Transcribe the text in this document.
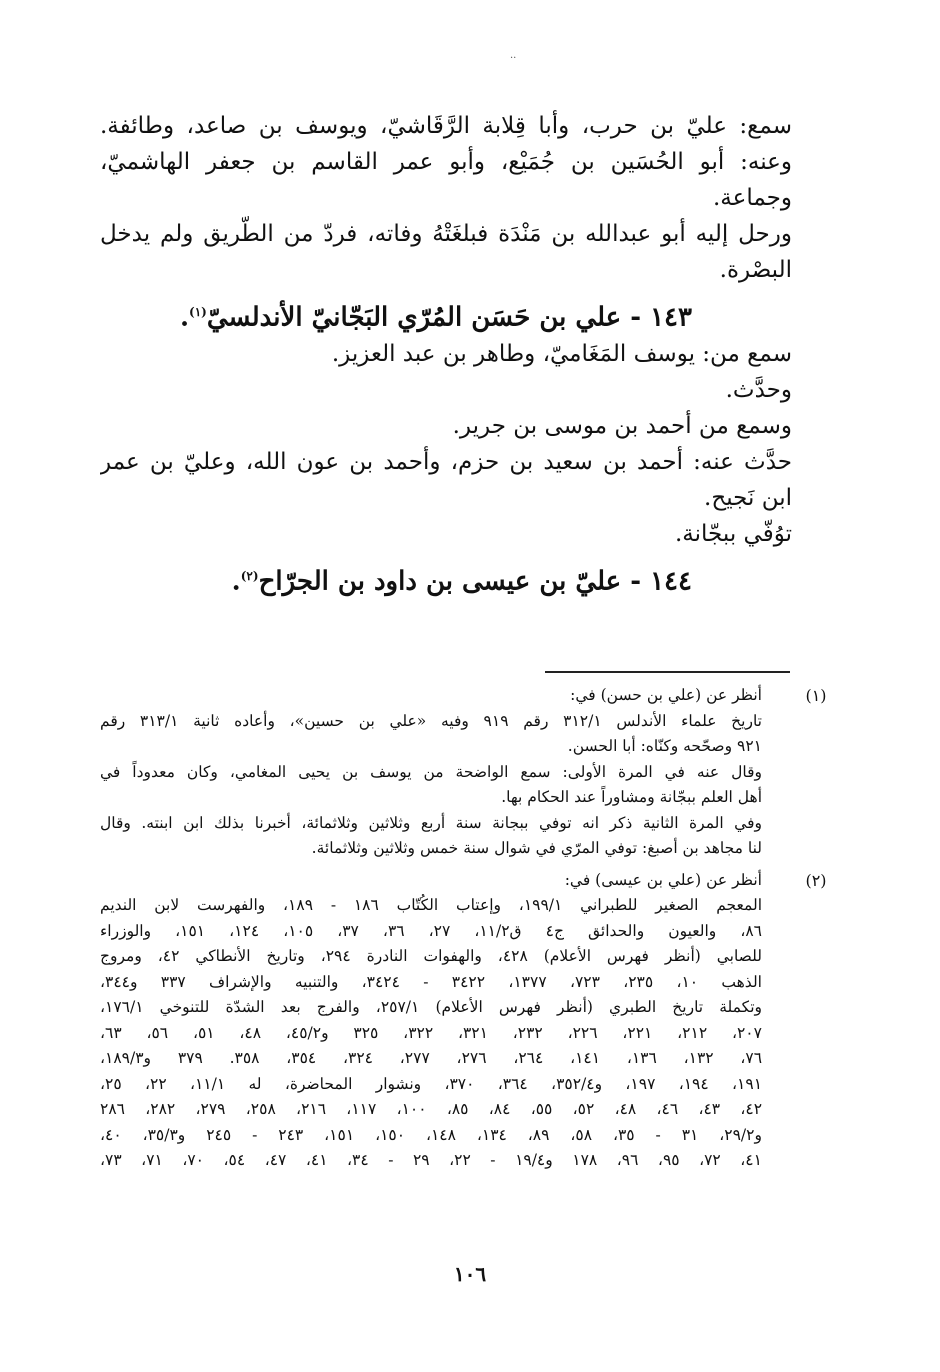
..
سمع: عليّ بن حرب، وأبا قِلابة الرَّقَاشيّ، ويوسف بن صاعد، وطائفة.
وعنه: أبو الحُسَين بن جُمَيْع، وأبو عمر القاسم بن جعفر الهاشميّ،
وجماعة.
ورحل إليه أبو عبدالله بن مَنْدَة فبلغَتْهُ وفاته، فردّ من الطَّريق ولم يدخل
البصْرة.
١٤٣ - علي بن حَسَن المُرّي البَجّانيّ الأندلسيّ$^{(١)}$.
سمع من: يوسف المَغَاميّ، وطاهر بن عبد العزيز.
وحدَّث.
وسمع من أحمد بن موسى بن جرير.
حدَّث عنه: أحمد بن سعيد بن حزم، وأحمد بن عون الله، وعليّ بن عمر
ابن نَجيح.
توُفّي ببجّانة.
١٤٤ - عليّ بن عيسى بن داود بن الجرّاح$^{(٢)}$.
(١)
أنظر عن (علي بن حسن) في:
تاريخ علماء الأندلس ٣١٢/١ رقم ٩١٩ وفيه «علي بن حسين»، وأعاده ثانية ٣١٣/١ رقم
٩٢١ وصحّحه وكنّاه: أبا الحسن.
وقال عنه في المرة الأولى: سمع الواضحة من يوسف بن يحيى المغامي، وكان معدوداً في
أهل العلم ببجّانة ومشاوراً عند الحكام بها.
وفي المرة الثانية ذكر انه توفي ببجانة سنة أربع وثلاثين وثلاثمائة، أخبرنا بذلك ابن ابنته. وقال
لنا مجاهد بن أصبغ: توفي المرّي في شوال سنة خمس وثلاثين وثلاثمائة.
(٢)
أنظر عن (علي بن عيسى) في:
المعجم الصغير للطبراني ١٩٩/١، وإعتاب الكُتّاب ١٨٦ - ١٨٩، والفهرست لابن النديم
٨٦، والعيون والحدائق ج٤ ق١١/٢، ٢٧، ٣٦، ٣٧، ١٠٥، ١٢٤، ١٥١، والوزراء
للصابي (أنظر فهرس الأعلام) ٤٢٨، والهفوات النادرة ٢٩٤، وتاريخ الأنطاكي ٤٢، ومروج
الذهب ١٠، ٢٣٥، ٧٢٣، ١٣٧٧، ٣٤٢٢ - ٣٤٢٤، والتنبيه والإشراف ٣٣٧ و٣٤٤،
وتكملة تاريخ الطبري (أنظر فهرس الأعلام) ٢٥٧/١، والفرج بعد الشدّة للتنوخي ١٧٦/١،
٢٠٧، ٢١٢، ٢٢١، ٢٢٦، ٢٣٢، ٣٢١، ٣٢٢، ٣٢٥ و٤٥/٢، ٤٨، ٥١، ٥٦، ٦٣،
٧٦، ١٣٢، ١٣٦، ١٤١، ٢٦٤، ٢٧٦، ٢٧٧، ٣٢٤، ٣٥٤، ٣٥٨. ٣٧٩ و١٨٩/٣،
١٩١، ١٩٤، ١٩٧، و٣٥٢/٤، ٣٦٤، ٣٧٠، ونشوار المحاضرة، له ١١/١، ٢٢، ٢٥،
٤٢، ٤٣، ٤٦، ٤٨، ٥٢، ٥٥، ٨٤، ٨٥، ١٠٠، ١١٧، ٢١٦، ٢٥٨، ٢٧٩، ٢٨٢، ٢٨٦
و٢٩/٢، ٣١ - ٣٥، ٥٨، ٨٩، ١٣٤، ١٤٨، ١٥٠، ١٥١، ٢٤٣ - ٢٤٥ و٣٥/٣، ٤٠،
٤١، ٧٢، ٩٥، ٩٦، ١٧٨ و١٩/٤ - ٢٢، ٢٩ - ٣٤، ٤١، ٤٧، ٥٤، ٧٠، ٧١، ٧٣،
١٠٦
